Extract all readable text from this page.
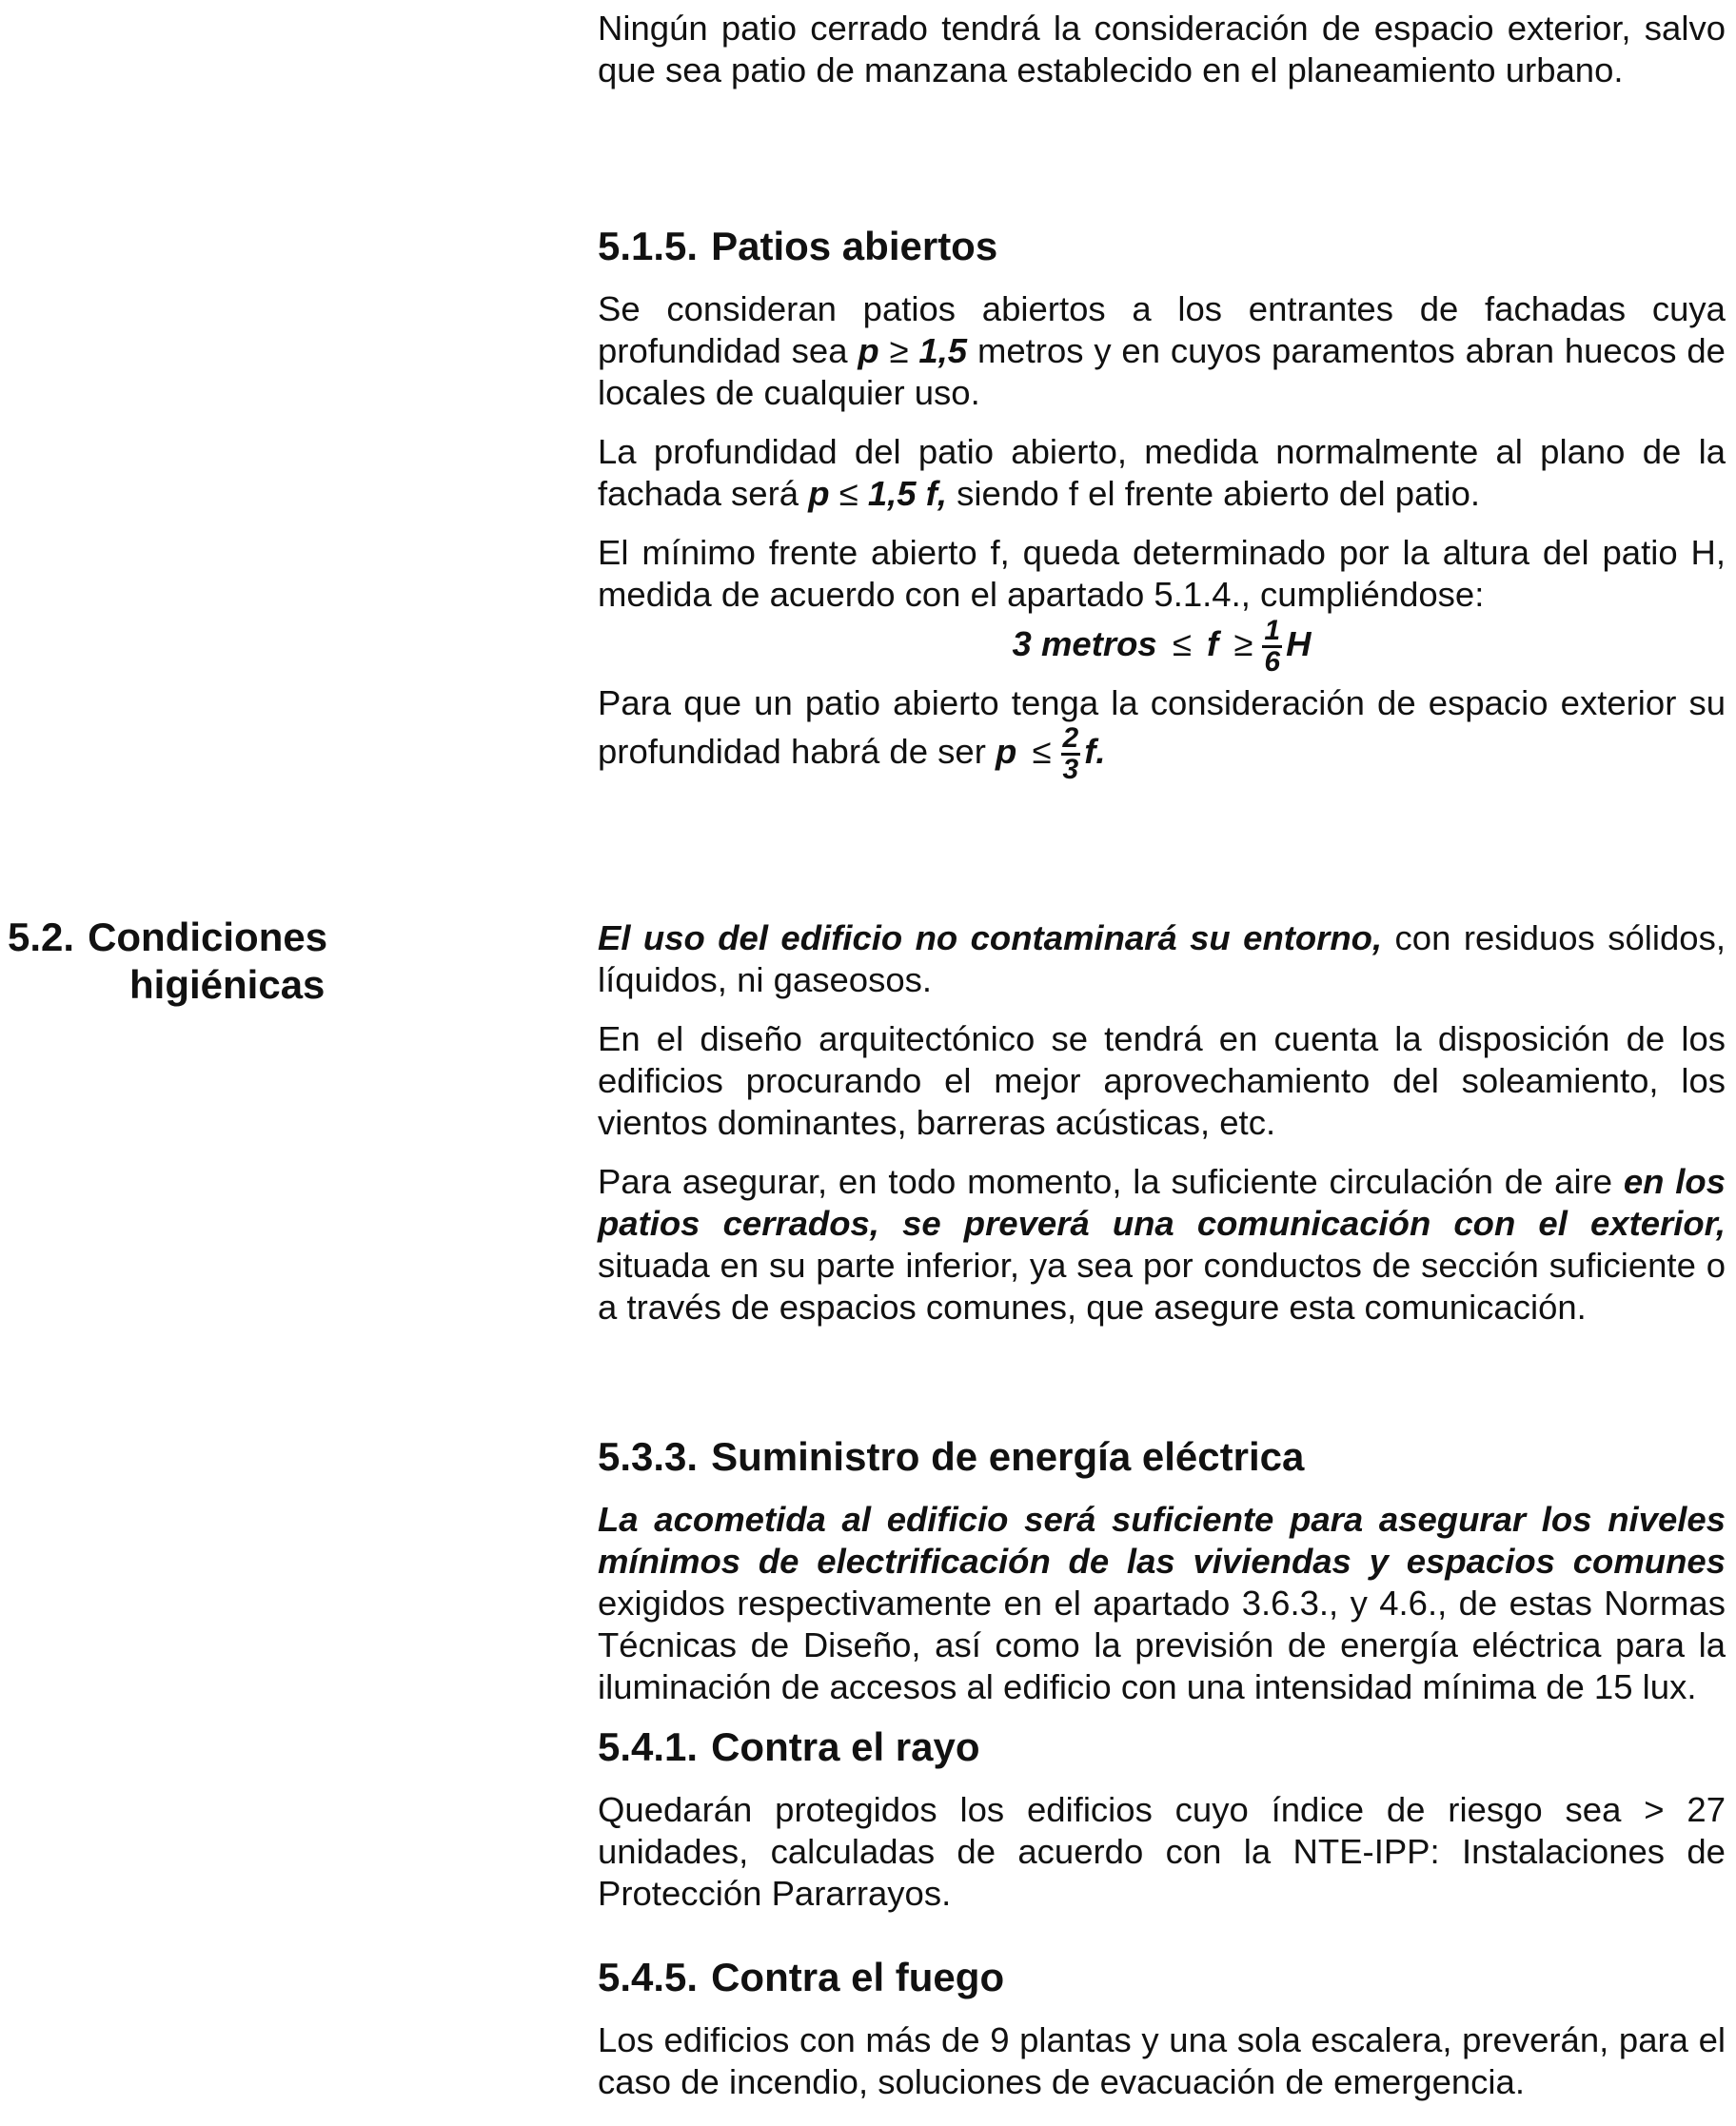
Ningún patio cerrado tendrá la consideración de espacio exterior, salvo que sea patio de manzana establecido en el planeamiento urbano.

5.1.5. Patios abiertos

Se consideran patios abiertos a los entrantes de fachadas cuya profundidad sea p ≥ 1,5 metros y en cuyos paramentos abran huecos de locales de cualquier uso.

La profundidad del patio abierto, medida normalmente al plano de la fachada será p ≤ 1,5 f, siendo f el frente abierto del patio.

El mínimo frente abierto f, queda determinado por la altura del patio H, medida de acuerdo con el apartado 5.1.4., cumpliéndose:

3 metros ≤ $f \ge \frac{1}{6}$ H

Para que un patio abierto tenga la consideración de espacio exterior su profundidad habrá de ser $p \le \frac{2}{3} f$.

5.2. Condiciones
higiénicas

El uso del edificio no contaminará su entorno, con residuos sólidos, líquidos, ni gaseosos.

En el diseño arquitectónico se tendrá en cuenta la disposición de los edificios procurando el mejor aprovechamiento del soleamiento, los vientos dominantes, barreras acústicas, etc.

Para asegurar, en todo momento, la suficiente circulación de aire en los patios cerrados, se preverá una comunicación con el exterior, situada en su parte inferior, ya sea por conductos de sección suficiente o a través de espacios comunes, que asegure esta comunicación.

5.3.3. Suministro de energía eléctrica

La acometida al edificio será suficiente para asegurar los niveles mínimos de electrificación de las viviendas y espacios comunes exigidos respectivamente en el apartado 3.6.3., y 4.6., de estas Normas Técnicas de Diseño, así como la previsión de energía eléctrica para la iluminación de accesos al edificio con una intensidad mínima de 15 lux.

5.4.1. Contra el rayo

Quedarán protegidos los edificios cuyo índice de riesgo sea > 27 unidades, calculadas de acuerdo con la NTE-IPP: Instalaciones de Protección Pararrayos.

5.4.5. Contra el fuego

Los edificios con más de 9 plantas y una sola escalera, preverán, para el caso de incendio, soluciones de evacuación de emergencia.
